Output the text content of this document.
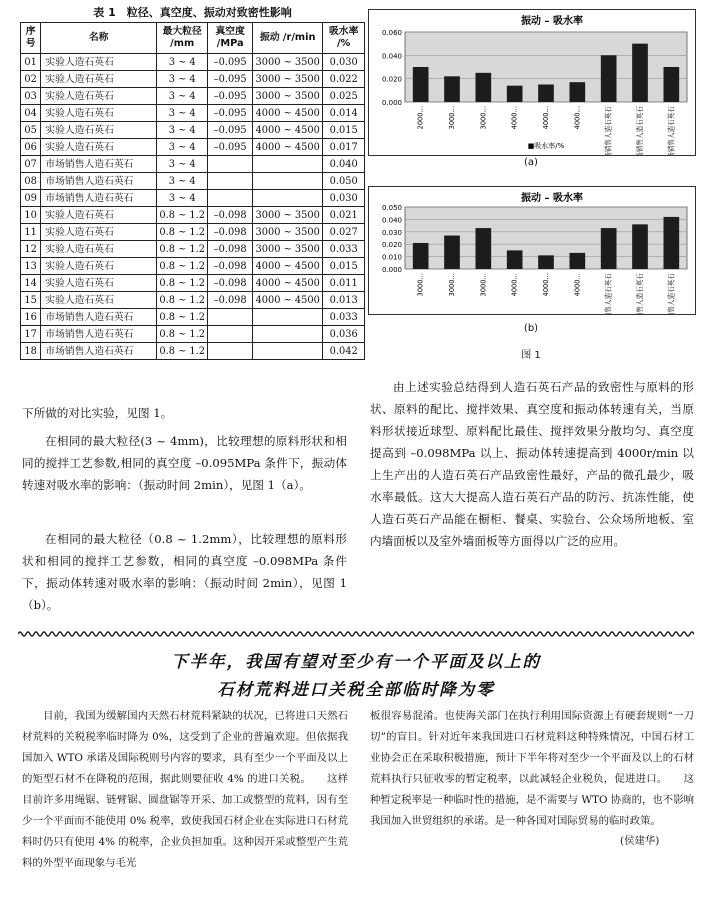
表 1　粒径、真空度、振动对致密性影响
序号	名称	最大粒径 /mm	真空度 /MPa	振动 /r/min	吸水率 /%
01	实验人造石英石	3 ~ 4	–0.095	3000 ~ 3500	0.030
02	实验人造石英石	3 ~ 4	–0.095	3000 ~ 3500	0.022
03	实验人造石英石	3 ~ 4	–0.095	3000 ~ 3500	0.025
04	实验人造石英石	3 ~ 4	–0.095	4000 ~ 4500	0.014
05	实验人造石英石	3 ~ 4	–0.095	4000 ~ 4500	0.015
06	实验人造石英石	3 ~ 4	–0.095	4000 ~ 4500	0.017
07	市场销售人造石英石	3 ~ 4			0.040
08	市场销售人造石英石	3 ~ 4			0.050
09	市场销售人造石英石	3 ~ 4			0.030
10	实验人造石英石	0.8 ~ 1.2	–0.098	3000 ~ 3500	0.021
11	实验人造石英石	0.8 ~ 1.2	–0.098	3000 ~ 3500	0.027
12	实验人造石英石	0.8 ~ 1.2	–0.098	3000 ~ 3500	0.033
13	实验人造石英石	0.8 ~ 1.2	–0.098	4000 ~ 4500	0.015
14	实验人造石英石	0.8 ~ 1.2	–0.098	4000 ~ 4500	0.011
15	实验人造石英石	0.8 ~ 1.2	–0.098	4000 ~ 4500	0.013
16	市场销售人造石英石	0.8 ~ 1.2			0.033
17	市场销售人造石英石	0.8 ~ 1.2			0.036
18	市场销售人造石英石	0.8 ~ 1.2			0.042
振动 – 吸水率
0.060
0.040
0.020
0.000
2000…	3000…	3000…	4000…	4000…	4000…	市场销售人造石英石	市场销售人造石英石	市场销售人造石英石
■吸水率/%
(a)
振动 – 吸水率
0.050
0.040
0.030
0.020
0.010
0.000
3000…	3000…	3000…	4000…	4000…	4000…	市场销售人造石英石	市场销售人造石英石	市场销售人造石英石
(b)
图 1
下所做的对比实验，见图 1。
在相同的最大粒径(3 ~ 4mm)，比较理想的原料形状和相同的搅拌工艺参数,相同的真空度 –0.095MPa 条件下，振动体转速对吸水率的影响：（振动时间 2min），见图 1（a）。
在相同的最大粒径（0.8 ~ 1.2mm），比较理想的原料形状和相同的搅拌工艺参数，相同的真空度 –0.098MPa 条件下，振动体转速对吸水率的影响：（振动时间 2min），见图 1（b）。
由上述实验总结得到人造石英石产品的致密性与原料的形状、原料的配比、搅拌效果、真空度和振动体转速有关，当原料形状接近球型、原料配比最佳、搅拌效果分散均匀、真空度提高到 –0.098MPa 以上、振动体转速提高到 4000r/min 以上生产出的人造石英石产品致密性最好，产品的微孔最少，吸水率最低。这大大提高人造石英石产品的防污、抗冻性能，使人造石英石产品能在橱柜、餐桌、实验台、公众场所地板、室内墙面板以及室外墙面板等方面得以广泛的应用。
下半年，我国有望对至少有一个平面及以上的
石材荒料进口关税全部临时降为零
目前，我国为缓解国内天然石材荒料紧缺的状况，已将进口天然石材荒料的关税税率临时降为 0%，这受到了企业的普遍欢迎。但依据我国加入 WTO 承诺及国际税则号内容的要求，具有至少一个平面及以上的矩型石材不在降税的范围，据此则要征收 4% 的进口关税。　　这样目前许多用绳锯、链臂锯、圆盘锯等开采、加工或整型的荒料，因有至少一个平面而不能使用 0% 税率，致使我国石材企业在实际进口石材荒料时仍只有使用 4% 的税率，企业负担加重。这种因开采或整型产生荒料的外型平面现象与毛光
板很容易混淆。也使海关部门在执行利用国际资源上有硬套规则“一刀切”的盲目。针对近年来我国进口石材荒料这种特殊情况，中国石材工业协会正在采取积极措施，预计下半年将对至少一个平面及以上的石材荒料执行只征收零的暂定税率，以此减轻企业税负，促进进口。　　这种暂定税率是一种临时性的措施，是不需要与 WTO 协商的，也不影响我国加入世贸组织的承诺。是一种各国对国际贸易的临时政策。
(侯建华)
